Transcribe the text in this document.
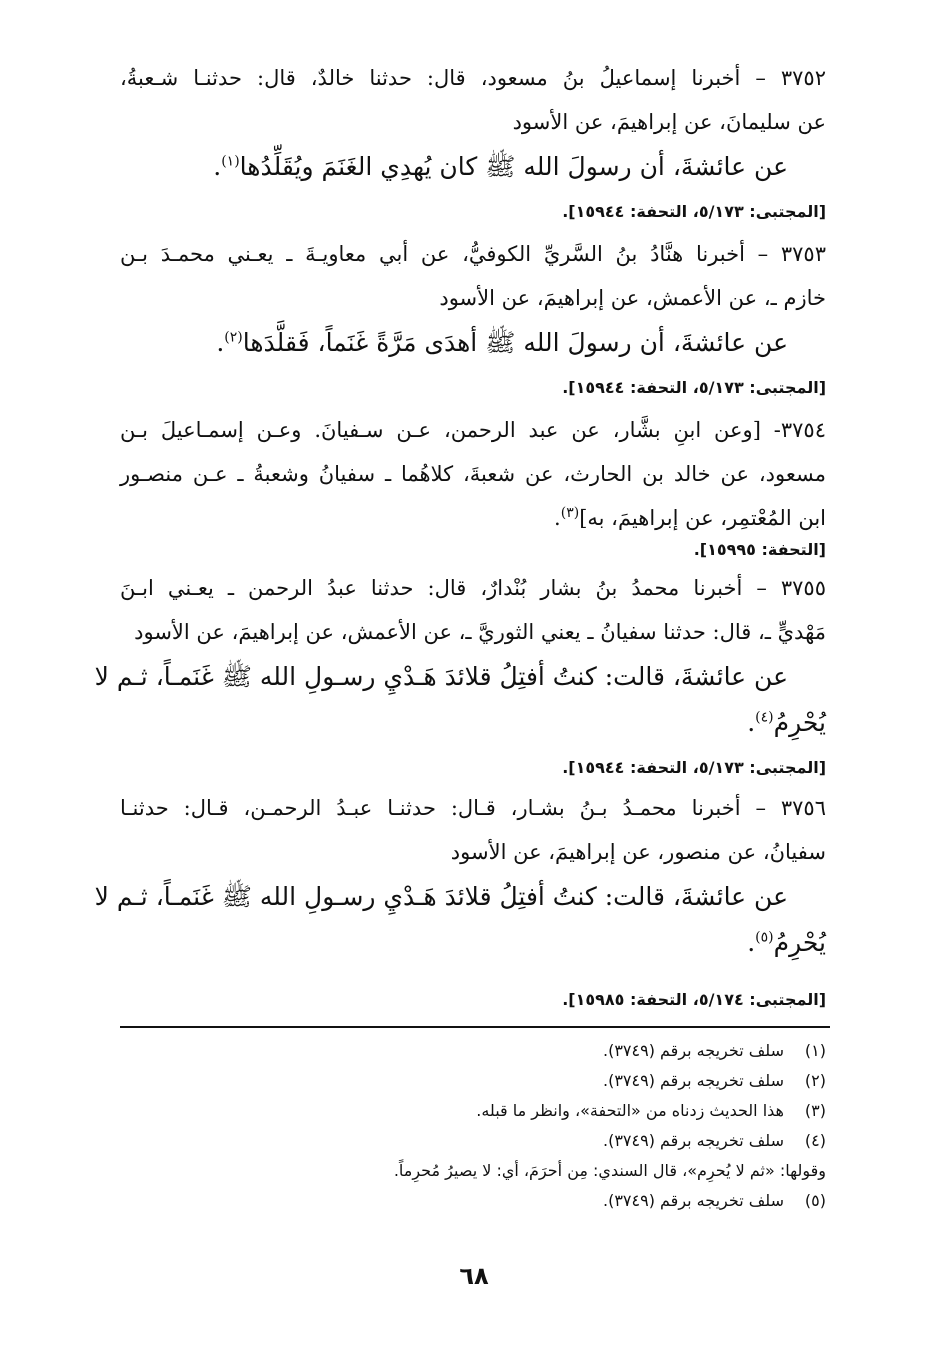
٣٧٥٢ – أخبرنا إسماعيلُ بنُ مسعود، قال: حدثنا خالدٌ، قال: حدثنـا شـعبةُ،
عن سليمانَ، عن إبراهيمَ، عن الأسود
عن عائشةَ، أن رسولَ الله ﷺ كان يُهدِي الغَنَمَ ويُقَلِّدُها$^{(١)}$.
[المجتبى: ٥/١٧٣، التحفة: ١٥٩٤٤].
٣٧٥٣ – أخبرنا هنَّادُ بنُ السَّريِّ الكوفيُّ، عن أبي معاويـةَ ـ يعـني محمـدَ بـن
خازم ـ، عن الأعمش، عن إبراهيمَ، عن الأسود
عن عائشةَ، أن رسولَ الله ﷺ أهدَى مَرَّةً غَنَماً، فَقلَّدَها$^{(٢)}$.
[المجتبى: ٥/١٧٣، التحفة: ١٥٩٤٤].
٣٧٥٤- [وعن ابنِ بشَّار، عن عبد الرحمن، عـن سـفيانَ. وعـن إسمـاعيلَ بـن
مسعود، عن خالد بن الحارث، عن شعبةَ، كلاهُما ـ سفيانُ وشعبةُ ـ عـن منصـور
ابن المُعْتمِر، عن إبراهيمَ، به]$^{(٣)}$.
[التحفة: ١٥٩٩٥].
٣٧٥٥ – أخبرنا محمدُ بنُ بشار بُنْدارٌ، قال: حدثنا عبدُ الرحمن ـ يعـني ابـنَ
مَهْديٍّ ـ، قال: حدثنا سفيانُ ـ يعني الثوريَّ ـ، عن الأعمش، عن إبراهيمَ، عن الأسود
عن عائشةَ، قالت: كنتُ أفتِلُ قلائدَ هَـدْيِ رسـولِ الله ﷺ غَنَمـاً، ثـم لا
يُحْرِمُ$^{(٤)}$.
[المجتبى: ٥/١٧٣، التحفة: ١٥٩٤٤].
٣٧٥٦ – أخبرنا محمـدُ بـنُ بشـار، قـال: حدثنـا عبـدُ الرحمـن، قـال: حدثنـا
سفيانُ، عن منصور، عن إبراهيمَ، عن الأسود
عن عائشةَ، قالت: كنتُ أفتِلُ قلائدَ هَـدْيِ رسـولِ الله ﷺ غَنَمـاً، ثـم لا
يُحْرِمُ$^{(٥)}$.
[المجتبى: ٥/١٧٤، التحفة: ١٥٩٨٥].
(١)سلف تخريجه برقم (٣٧٤٩).
(٢)سلف تخريجه برقم (٣٧٤٩).
(٣)هذا الحديث زدناه من «التحفة»، وانظر ما قبله.
(٤)سلف تخريجه برقم (٣٧٤٩).
وقولها: «ثم لا يُحرِم»، قال السندي: مِن أحرَمَ، أي: لا يصيرُ مُحرِماً.
(٥)سلف تخريجه برقم (٣٧٤٩).
٦٨
